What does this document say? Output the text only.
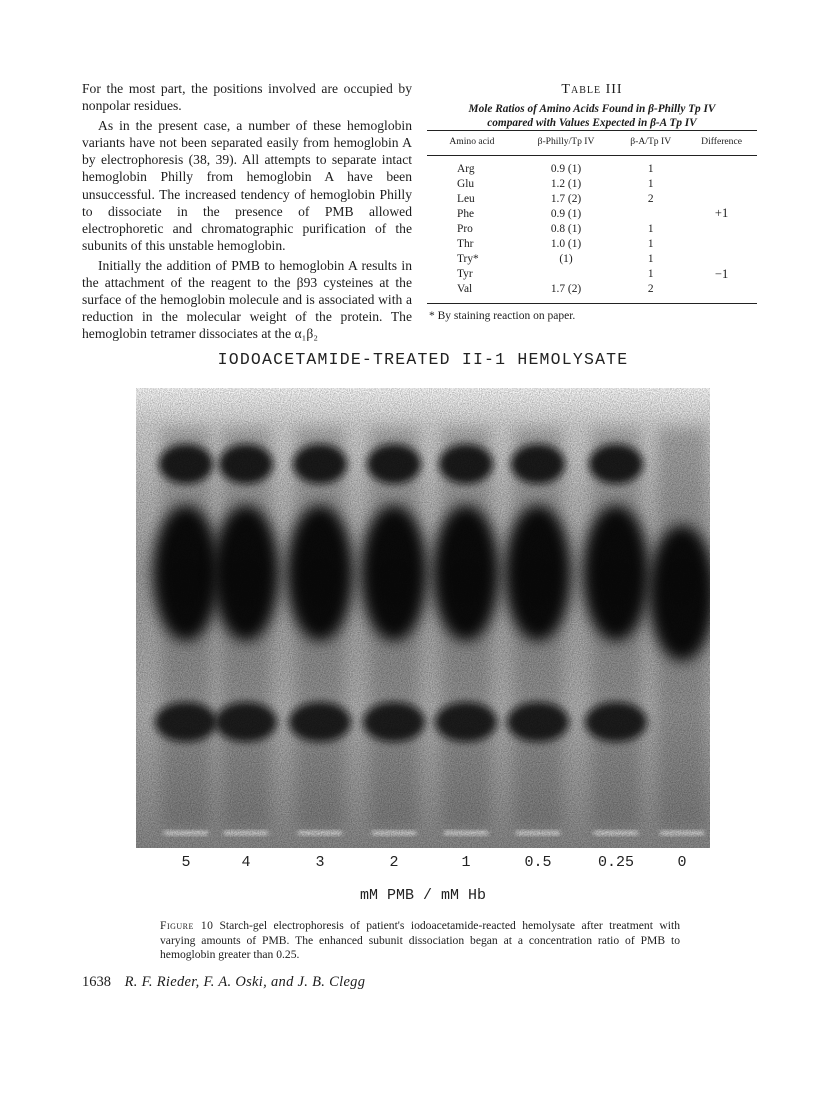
For the most part, the positions involved are occupied by nonpolar residues.

As in the present case, a number of these hemoglobin variants have not been separated easily from hemoglobin A by electrophoresis (38, 39). All attempts to separate intact hemoglobin Philly from hemoglobin A have been unsuccessful. The increased tendency of hemoglobin Philly to dissociate in the presence of PMB allowed electrophoretic and chromatographic purification of the subunits of this unstable hemoglobin.

Initially the addition of PMB to hemoglobin A results in the attachment of the reagent to the β93 cysteines at the surface of the hemoglobin molecule and is associated with a reduction in the molecular weight of the protein. The hemoglobin tetramer dissociates at the α₁β₂

Table III
Mole Ratios of Amino Acids Found in β-Philly Tp IV
compared with Values Expected in β-A Tp IV
Amino acid	β-Philly/Tp IV	β-A/Tp IV	Difference
Arg	0.9 (1)	1	
Glu	1.2 (1)	1	
Leu	1.7 (2)	2	
Phe	0.9 (1)		+1
Pro	0.8 (1)	1	
Thr	1.0 (1)	1	
Try*	(1)	1	
Tyr		1	−1
Val	1.7 (2)	2	
* By staining reaction on paper.
IODOACETAMIDE-TREATED II-1 HEMOLYSATE
5	4	3	2	1	0.5	0.25	0
mM PMB / mM Hb
Figure 10 Starch-gel electrophoresis of patient's iodoacetamide-reacted hemolysate after treatment with varying amounts of PMB. The enhanced subunit dissociation began at a concentration ratio of PMB to hemoglobin greater than 0.25.
1638 R. F. Rieder, F. A. Oski, and J. B. Clegg
